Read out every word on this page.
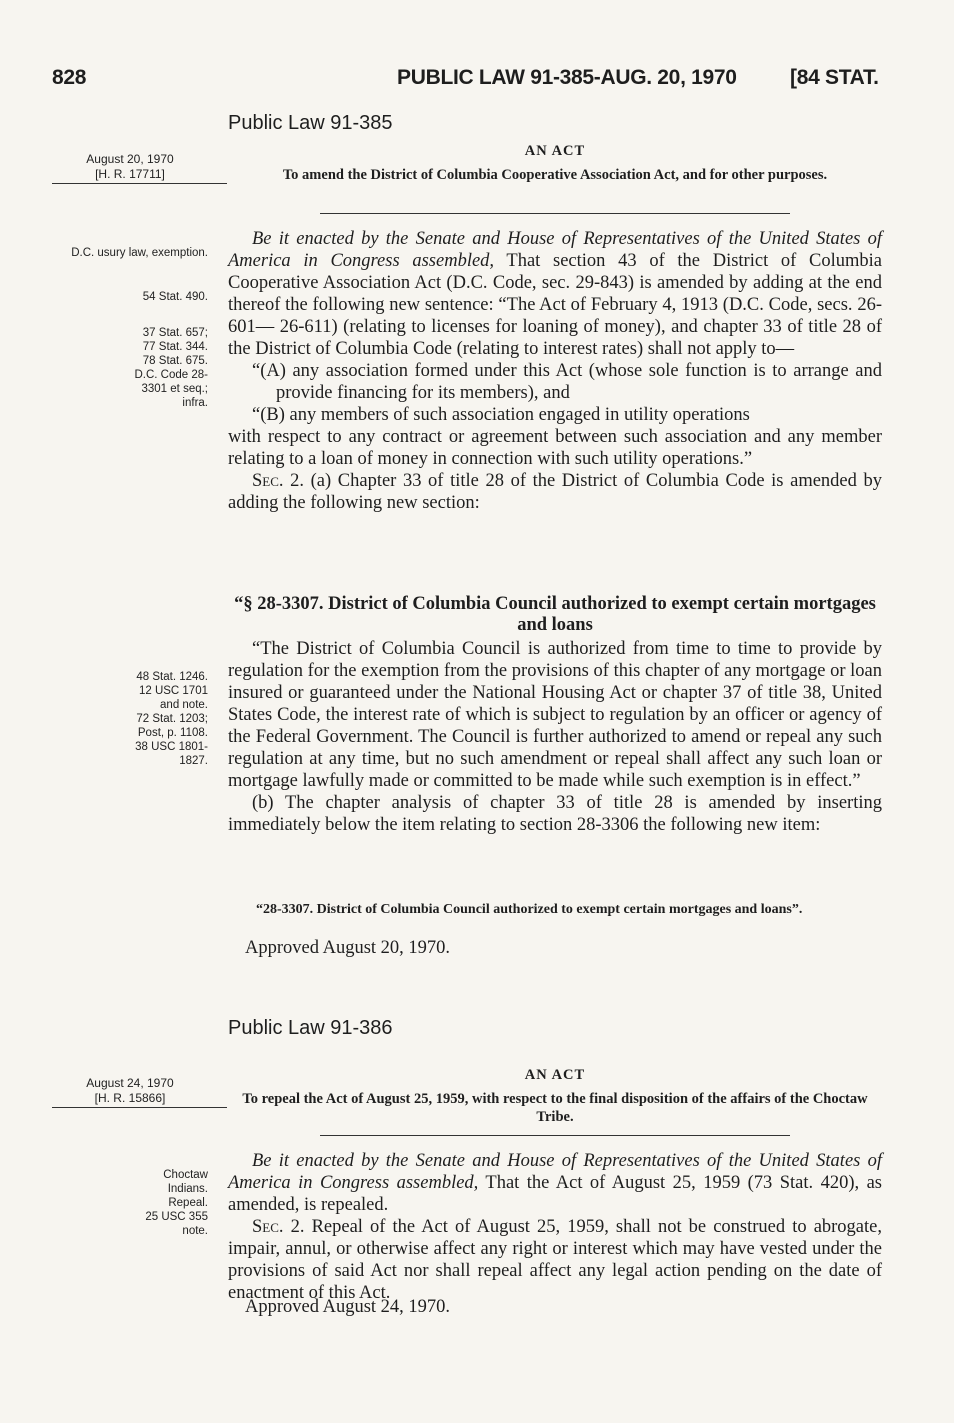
828	PUBLIC LAW 91-385-AUG. 20, 1970	[84 STAT.
Public Law 91-385
AN ACT
August 20, 1970
[H. R. 17711]	To amend the District of Columbia Cooperative Association Act, and for other purposes.
D.C. usury law, exemption.
54 Stat. 490.
37 Stat. 657;
77 Stat. 344.
78 Stat. 675.
D.C. Code 28-
3301 et seq.;
infra.
48 Stat. 1246.
12 USC 1701
and note.
72 Stat. 1203;
Post, p. 1108.
38 USC 1801-
1827.

Be it enacted by the Senate and House of Representatives of the United States of America in Congress assembled, That section 43 of the District of Columbia Cooperative Association Act (D.C. Code, sec. 29-843) is amended by adding at the end thereof the following new sentence: “The Act of February 4, 1913 (D.C. Code, secs. 26-601— 26-611) (relating to licenses for loaning of money), and chapter 33 of title 28 of the District of Columbia Code (relating to interest rates) shall not apply to—

“(A) any association formed under this Act (whose sole function is to arrange and provide financing for its members), and

“(B) any members of such association engaged in utility operations

with respect to any contract or agreement between such association and any member relating to a loan of money in connection with such utility operations.”

Sec. 2. (a) Chapter 33 of title 28 of the District of Columbia Code is amended by adding the following new section:

“§ 28-3307. District of Columbia Council authorized to exempt certain mortgages and loans

“The District of Columbia Council is authorized from time to time to provide by regulation for the exemption from the provisions of this chapter of any mortgage or loan insured or guaranteed under the National Housing Act or chapter 37 of title 38, United States Code, the interest rate of which is subject to regulation by an officer or agency of the Federal Government. The Council is further authorized to amend or repeal any such regulation at any time, but no such amendment or repeal shall affect any such loan or mortgage lawfully made or committed to be made while such exemption is in effect.”

(b) The chapter analysis of chapter 33 of title 28 is amended by inserting immediately below the item relating to section 28-3306 the following new item:

“28-3307. District of Columbia Council authorized to exempt certain mortgages and loans”.
Approved August 20, 1970.
Public Law 91-386
AN ACT
August 24, 1970
[H. R. 15866]	To repeal the Act of August 25, 1959, with respect to the final disposition of the affairs of the Choctaw Tribe.
Choctaw
Indians.
Repeal.
25 USC 355
note.

Be it enacted by the Senate and House of Representatives of the United States of America in Congress assembled, That the Act of August 25, 1959 (73 Stat. 420), as amended, is repealed.

Sec. 2. Repeal of the Act of August 25, 1959, shall not be construed to abrogate, impair, annul, or otherwise affect any right or interest which may have vested under the provisions of said Act nor shall repeal affect any legal action pending on the date of enactment of this Act.

Approved August 24, 1970.
